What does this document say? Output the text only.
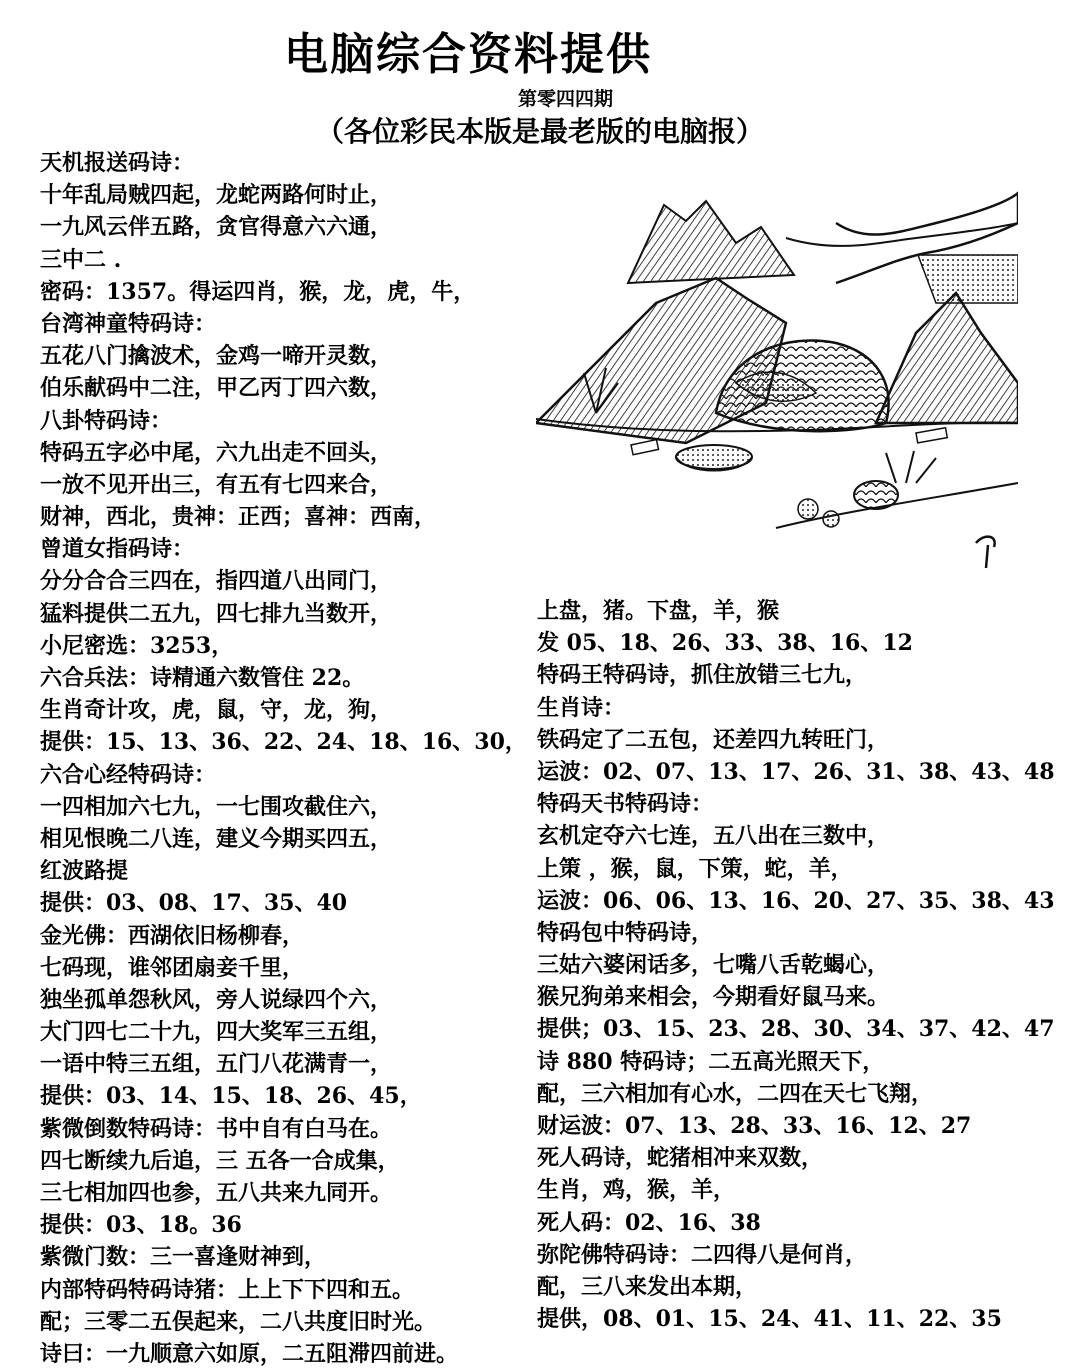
电脑综合资料提供
第零四四期
（各位彩民本版是最老版的电脑报）
天机报送码诗：
十年乱局贼四起，龙蛇两路何时止，
一九风云伴五路，贪官得意六六通，
三中二 .
密码：1357。得运四肖，猴，龙，虎，牛，
台湾神童特码诗：
五花八门擒波术，金鸡一啼开灵数，
伯乐献码中二注，甲乙丙丁四六数，
八卦特码诗：
特码五字必中尾，六九出走不回头，
一放不见开出三，有五有七四来合，
财神，西北，贵神：正西；喜神：西南，
曾道女指码诗：
分分合合三四在，指四道八出同门，
猛料提供二五九，四七排九当数开，
小尼密选：3253，
六合兵法：诗精通六数管住 22。
生肖奇计攻，虎，鼠，守，龙，狗，
提供：15、13、36、22、24、18、16、30，
六合心经特码诗：
一四相加六七九，一七围攻截住六，
相见恨晚二八连，建义今期买四五，
红波路提
提供：03、08、17、35、40
金光佛：西湖依旧杨柳春，
七码现，谁邻团扇妾千里，
独坐孤单怨秋风，旁人说绿四个六，
大门四七二十九，四大奖军三五组，
一语中特三五组，五门八花满青一，
提供：03、14、15、18、26、45，
紫微倒数特码诗：书中自有白马在。
四七断续九后追，三 五各一合成集，
三七相加四也参，五八共来九同开。
提供：03、18。36
紫微门数：三一喜逢财神到，
内部特码特码诗猪：上上下下四和五。
配；三零二五俣起来，二八共度旧时光。
诗曰：一九顺意六如原，二五阻滞四前进。
上盘，猪。下盘，羊，猴
发 05、18、26、33、38、16、12
特码王特码诗，抓住放错三七九，
生肖诗：
铁码定了二五包，还差四九转旺门，
运波：02、07、13、17、26、31、38、43、48
特码天书特码诗：
玄机定夺六七连，五八出在三数中，
上策 ，猴，鼠，下策，蛇，羊，
运波：06、06、13、16、20、27、35、38、43
特码包中特码诗，
三姑六婆闲话多，七嘴八舌乾蝎心，
猴兄狗弟来相会，今期看好鼠马来。
提供；03、15、23、28、30、34、37、42、47
诗 880 特码诗；二五高光照天下，
配，三六相加有心水，二四在天七飞翔，
财运波：07、13、28、33、16、12、27
死人码诗，蛇猪相冲来双数，
生肖，鸡，猴，羊，
死人码：02、16、38
弥陀佛特码诗：二四得八是何肖，
配，三八来发出本期，
提供，08、01、15、24、41、11、22、35
